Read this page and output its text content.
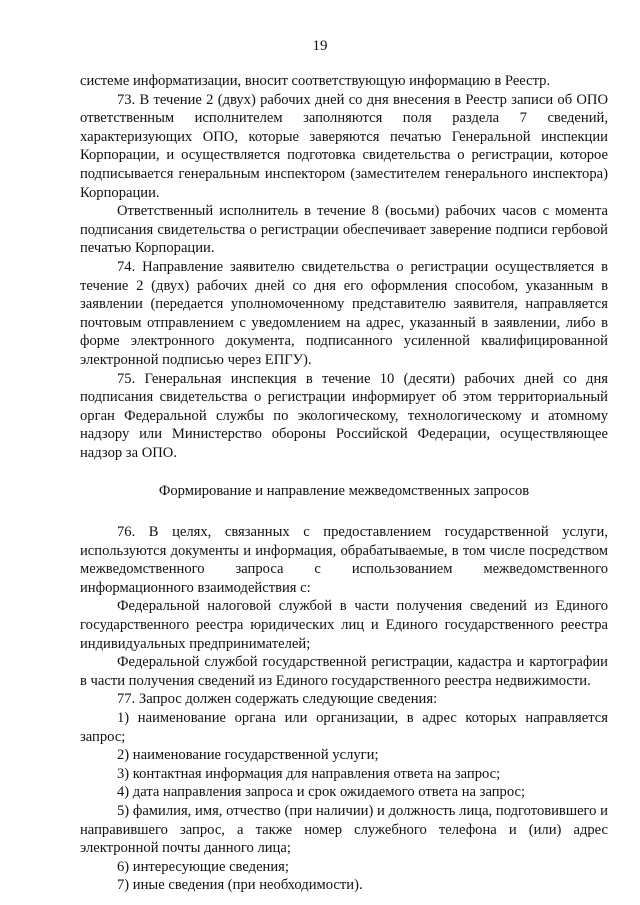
19

системе информатизации, вносит соответствующую информацию в Реестр.

73. В течение 2 (двух) рабочих дней со дня внесения в Реестр записи об ОПО ответственным исполнителем заполняются поля раздела 7 сведений, характеризующих ОПО, которые заверяются печатью Генеральной инспекции Корпорации, и осуществляется подготовка свидетельства о регистрации, которое подписывается генеральным инспектором (заместителем генерального инспектора) Корпорации.

Ответственный исполнитель в течение 8 (восьми) рабочих часов с момента подписания свидетельства о регистрации обеспечивает заверение подписи гербовой печатью Корпорации.

74. Направление заявителю свидетельства о регистрации осуществляется в течение 2 (двух) рабочих дней со дня его оформления способом, указанным в заявлении (передается уполномоченному представителю заявителя, направляется почтовым отправлением с уведомлением на адрес, указанный в заявлении, либо в форме электронного документа, подписанного усиленной квалифицированной электронной подписью через ЕПГУ).

75. Генеральная инспекция в течение 10 (десяти) рабочих дней со дня подписания свидетельства о регистрации информирует об этом территориальный орган Федеральной службы по экологическому, технологическому и атомному надзору или Министерство обороны Российской Федерации, осуществляющее надзор за ОПО.

Формирование и направление межведомственных запросов

76. В целях, связанных с предоставлением государственной услуги, используются документы и информация, обрабатываемые, в том числе посредством межведомственного запроса с использованием межведомственного информационного взаимодействия с:

Федеральной налоговой службой в части получения сведений из Единого государственного реестра юридических лиц и Единого государственного реестра индивидуальных предпринимателей;

Федеральной службой государственной регистрации, кадастра и картографии в части получения сведений из Единого государственного реестра недвижимости.

77. Запрос должен содержать следующие сведения:

1) наименование органа или организации, в адрес которых направляется запрос;

2) наименование государственной услуги;

3) контактная информация для направления ответа на запрос;

4) дата направления запроса и срок ожидаемого ответа на запрос;

5) фамилия, имя, отчество (при наличии) и должность лица, подготовившего и направившего запрос, а также номер служебного телефона и (или) адрес электронной почты данного лица;

6) интересующие сведения;

7) иные сведения (при необходимости).
